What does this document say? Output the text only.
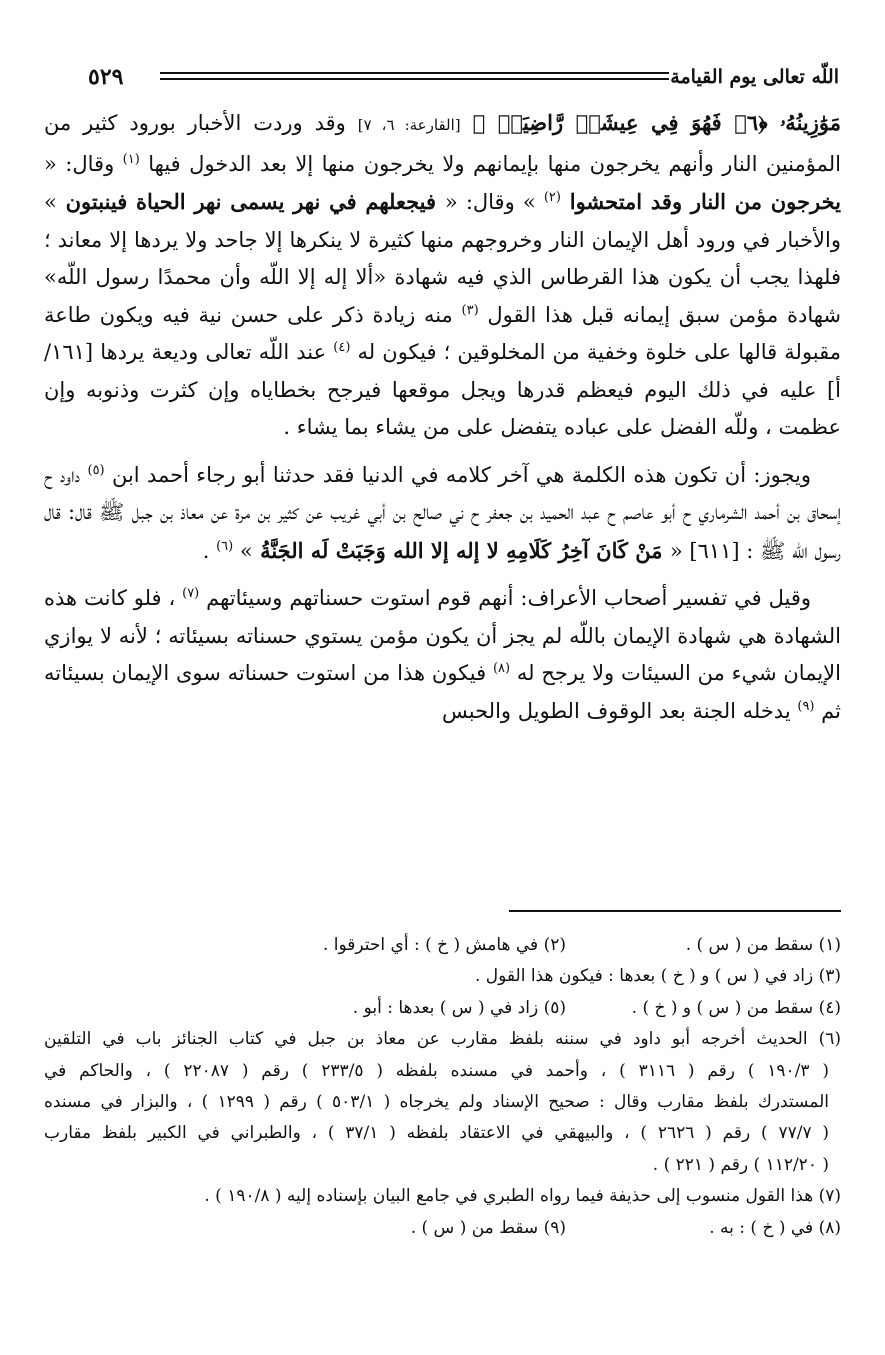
اللّه تعالى يوم القيامة
٥٢٩

مَوَٰزِينُهُۥ ﴿٦﴾ فَهُوَ فِي عِيشَةٖ رَّاضِيَةٖ ﴾ [القارعة: ٦، ٧] وقد وردت الأخبار بورود كثير من المؤمنين النار وأنهم يخرجون منها بإيمانهم ولا يخرجون منها إلا بعد الدخول فيها $^{(١)}$ وقال: « يخرجون من النار وقد امتحشوا $^{(٢)}$ » وقال: « فيجعلهم في نهر يسمى نهر الحياة فينبتون » والأخبار في ورود أهل الإيمان النار وخروجهم منها كثيرة لا ينكرها إلا جاحد ولا يردها إلا معاند ؛ فلهذا يجب أن يكون هذا القرطاس الذي فيه شهادة «ألا إله إلا اللّه وأن محمدًا رسول اللّه» شهادة مؤمن سبق إيمانه قبل هذا القول $^{(٣)}$ منه زيادة ذكر على حسن نية فيه ويكون طاعة مقبولة قالها على خلوة وخفية من المخلوقين ؛ فيكون له $^{(٤)}$ عند اللّه تعالى وديعة يردها [١٦١/أ] عليه في ذلك اليوم فيعظم قدرها ويجل موقعها فيرجح بخطاياه وإن كثرت وذنوبه وإن عظمت ، وللّه الفضل على عباده يتفضل على من يشاء بما يشاء .

ويجوز: أن تكون هذه الكلمة هي آخر كلامه في الدنيا فقد حدثنا أبو رجاء أحمد ابن $^{(٥)}$ داود ح إسحاق بن أحمد الشرماري ح أبو عاصم ح عبد الحميد بن جعفر ح ني صالح بن أبي غريب عن كثير بن مرة عن معاذ بن جبل ﷺ قال: قال رسول اللّه ﷺ : [٦١١] « مَنْ كَانَ آخِرُ كَلَامِهِ لا إله إلا الله وَجَبَتْ لَه الجَنَّةُ » $^{(٦)}$ .

وقيل في تفسير أصحاب الأعراف: أنهم قوم استوت حسناتهم وسيئاتهم $^{(٧)}$ ، فلو كانت هذه الشهادة هي شهادة الإيمان باللّه لم يجز أن يكون مؤمن يستوي حسناته بسيئاته ؛ لأنه لا يوازي الإيمان شيء من السيئات ولا يرجح له $^{(٨)}$ فيكون هذا من استوت حسناته سوى الإيمان بسيئاته ثم $^{(٩)}$ يدخله الجنة بعد الوقوف الطويل والحبس

(١) سقط من ( س ) .
(٢) في هامش ( خ ) : أي احترقوا .
(٣) زاد في ( س ) و ( خ ) بعدها : فيكون هذا القول .
(٤) سقط من ( س ) و ( خ ) .
(٥) زاد في ( س ) بعدها : أبو .
(٦) الحديث أخرجه أبو داود في سننه بلفظ مقارب عن معاذ بن جبل في كتاب الجنائز باب في التلقين
( ١٩٠/٣ ) رقم ( ٣١١٦ ) ، وأحمد في مسنده بلفظه ( ٢٣٣/٥ ) رقم ( ٢٢٠٨٧ ) ، والحاكم في
المستدرك بلفظ مقارب وقال : صحيح الإسناد ولم يخرجاه ( ٥٠٣/١ ) رقم ( ١٢٩٩ ) ، والبزار في مسنده
( ٧٧/٧ ) رقم ( ٢٦٢٦ ) ، والبيهقي في الاعتقاد بلفظه ( ٣٧/١ ) ، والطبراني في الكبير بلفظ مقارب
( ١١٢/٢٠ ) رقم ( ٢٢١ ) .
(٧) هذا القول منسوب إلى حذيفة فيما رواه الطبري في جامع البيان بإسناده إليه ( ١٩٠/٨ ) .
(٨) في ( خ ) : به .
(٩) سقط من ( س ) .
